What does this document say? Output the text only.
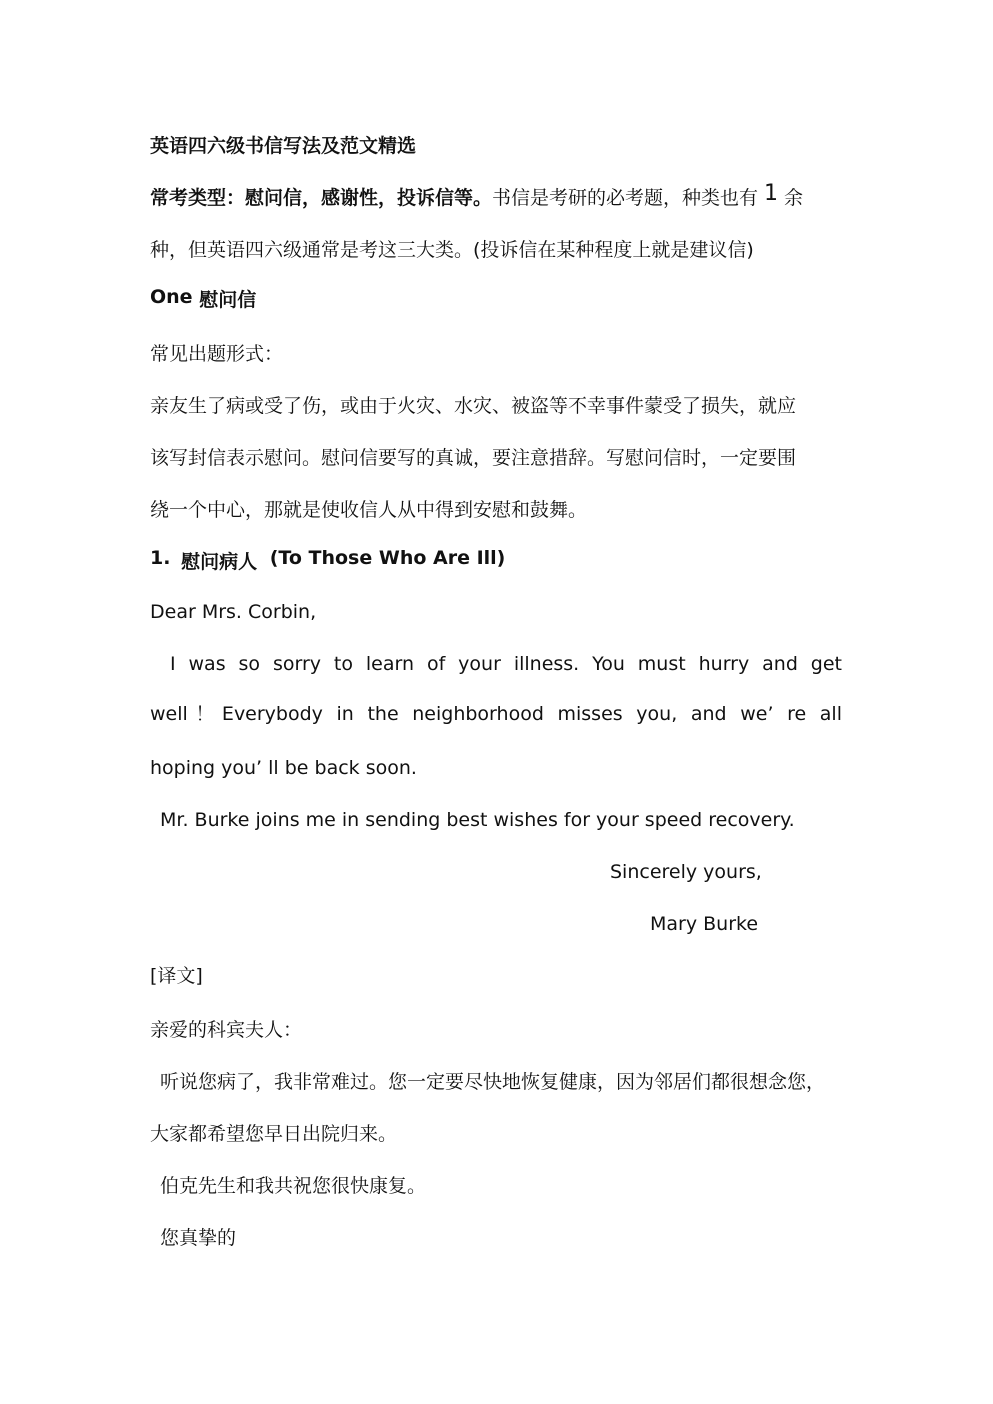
英语四六级书信写法及范文精选
常考类型：慰问信，感谢性，投诉信等。书信是考研的必考题，种类也有 1 余
种，但英语四六级通常是考这三大类。(投诉信在某种程度上就是建议信)
One 慰问信
常见出题形式：
亲友生了病或受了伤，或由于火灾、水灾、被盗等不幸事件蒙受了损失，就应
该写封信表示慰问。慰问信要写的真诚，要注意措辞。写慰问信时，一定要围
绕一个中心，那就是使收信人从中得到安慰和鼓舞。
1. 慰问病人 (To Those Who Are Ill)
Dear Mrs. Corbin,
I was so sorry to learn of your illness. You must hurry and get
well！Everybody in the neighborhood misses you, and we’ re all
hoping you’ ll be back soon.
Mr. Burke joins me in sending best wishes for your speed recovery.
Sincerely yours,
Mary Burke
[译文]
亲爱的科宾夫人：
听说您病了，我非常难过。您一定要尽快地恢复健康，因为邻居们都很想念您，
大家都希望您早日出院归来。
伯克先生和我共祝您很快康复。
您真挚的
